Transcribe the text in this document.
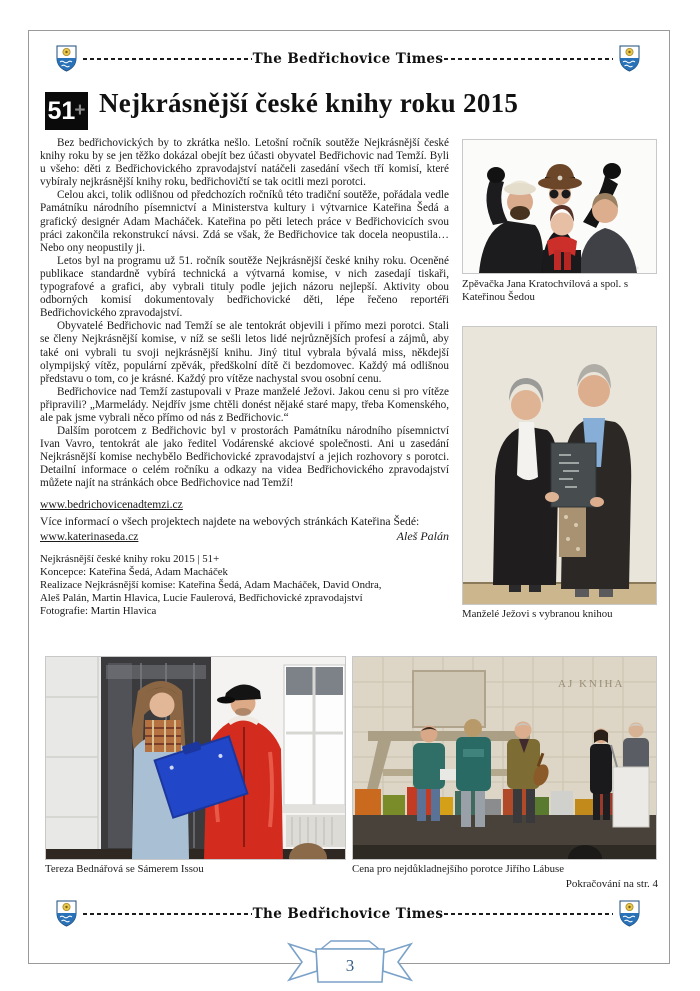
The Bedřichovice Times
51 + Nejkrásnější české knihy roku 2015

Bez bedřichovických by to zkrátka nešlo. Letošní ročník soutěže Nejkrásnější české knihy roku by se jen těžko dokázal obejít bez účasti obyvatel Bedřichovic nad Temží. Byli u všeho: děti z Bedřichovického zpravodajství natáčeli zasedání všech tří komisí, které vybíraly nejkrásnější knihy roku, bedřichovičtí se tak ocitli mezi porotci.

Celou akci, tolik odlišnou od předchozích ročníků této tradiční soutěže, pořádala vedle Památníku národního písemnictví a Ministerstva kultury i výtvarnice Kateřina Šedá a grafický designér Adam Macháček. Kateřina po pěti letech práce v Bedřichovicích svou práci zakončila rekonstrukcí návsi. Zdá se však, že Bedřichovice tak docela neopustila… Nebo ony neopustily ji.

Letos byl na programu už 51. ročník soutěže Nejkrásnější české knihy roku. Oceněné publikace standardně vybírá technická a výtvarná komise, v nich zasedají tiskaři, typografové a grafici, aby vybrali tituly podle jejich názoru nejlepší. Aktivity obou odborných komisí dokumentovaly bedřichovické děti, lépe řečeno reportéři Bedřichovického zpravodajství.

Obyvatelé Bedřichovic nad Temží se ale tentokrát objevili i přímo mezi porotci. Stali se členy Nejkrásnější komise, v níž se sešli letos lidé nejrůznějších profesí a zájmů, aby také oni vybrali tu svoji nejkrásnější knihu. Jiný titul vybrala bývalá miss, někdejší olympijský vítěz, populární zpěvák, předškolní dítě či bezdomovec. Každý má odlišnou představu o tom, co je krásné. Každý pro vítěze nachystal svou osobní cenu.

Bedřichovice nad Temží zastupovali v Praze manželé Ježovi. Jakou cenu si pro vítěze připravili? „Marmelády. Nejdřív jsme chtěli donést nějaké staré mapy, třeba Komenského, ale pak jsme vybrali něco přímo od nás z Bedřichovic.“

Dalším porotcem z Bedřichovic byl v prostorách Památníku národního písemnictví Ivan Vavro, tentokrát ale jako ředitel Vodárenské akciové společnosti. Ani u zasedání Nejkrásnější komise nechybělo Bedřichovické zpravodajství a jejich rozhovory s porotci. Detailní informace o celém ročníku a odkazy na videa Bedřichovického zpravodajství můžete najít na stránkách obce Bedřichovice nad Temží!

www.bedrichovicenadtemzi.cz
Více informací o všech projektech najdete na webových stránkách Kateřina Šedé:
www.katerinaseda.cz	Aleš Palán
Nejkrásnější české knihy roku 2015 | 51+
Koncepce: Kateřina Šedá, Adam Macháček
Realizace Nejkrásnější komise: Kateřina Šedá, Adam Macháček, David Ondra,
Aleš Palán, Martin Hlavica, Lucie Faulerová, Bedřichovické zpravodajství
Fotografie: Martin Hlavica
Zpěvačka Jana Kratochvílová a spol. s Kateřinou Šedou
Manželé Ježovi s vybranou knihou
Tereza Bednářová se Sámerem Issou
AJ KNIHA
Cena pro nejdůkladnejšího porotce Jiřího Lábuse
Pokračování na str. 4
The Bedřichovice Times
3
